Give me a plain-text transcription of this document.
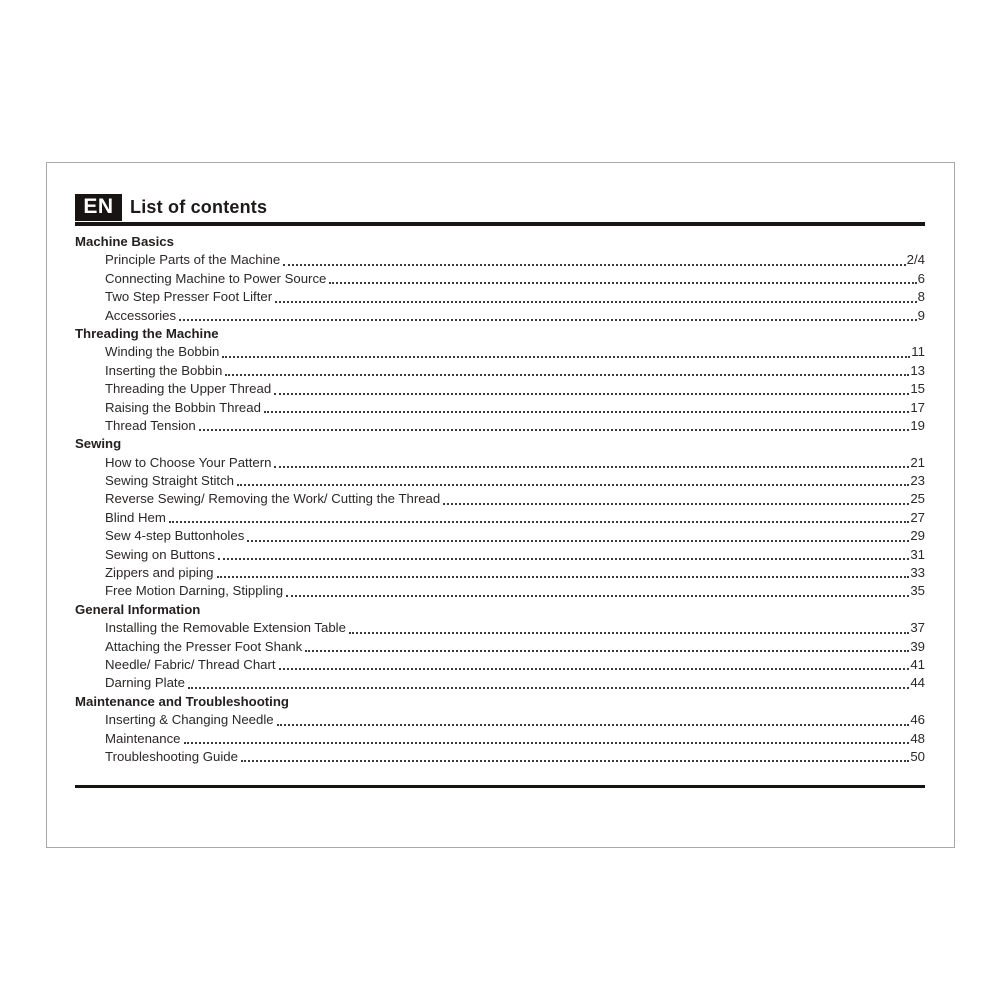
EN List of contents
Machine Basics
Principle Parts of the Machine	2/4
Connecting Machine to Power Source	6
Two Step Presser Foot Lifter	8
Accessories	9
Threading the Machine
Winding the Bobbin	11
Inserting the Bobbin	13
Threading the Upper Thread	15
Raising the Bobbin Thread	17
Thread Tension	19
Sewing
How to Choose Your Pattern	21
Sewing Straight Stitch	23
Reverse Sewing/ Removing the Work/ Cutting the Thread	25
Blind Hem	27
Sew 4-step Buttonholes	29
Sewing on Buttons	31
Zippers and piping	33
Free Motion Darning, Stippling	35
General Information
Installing the Removable Extension Table	37
Attaching the Presser Foot Shank	39
Needle/ Fabric/ Thread Chart	41
Darning Plate	44
Maintenance and Troubleshooting
Inserting & Changing Needle	46
Maintenance	48
Troubleshooting Guide	50
